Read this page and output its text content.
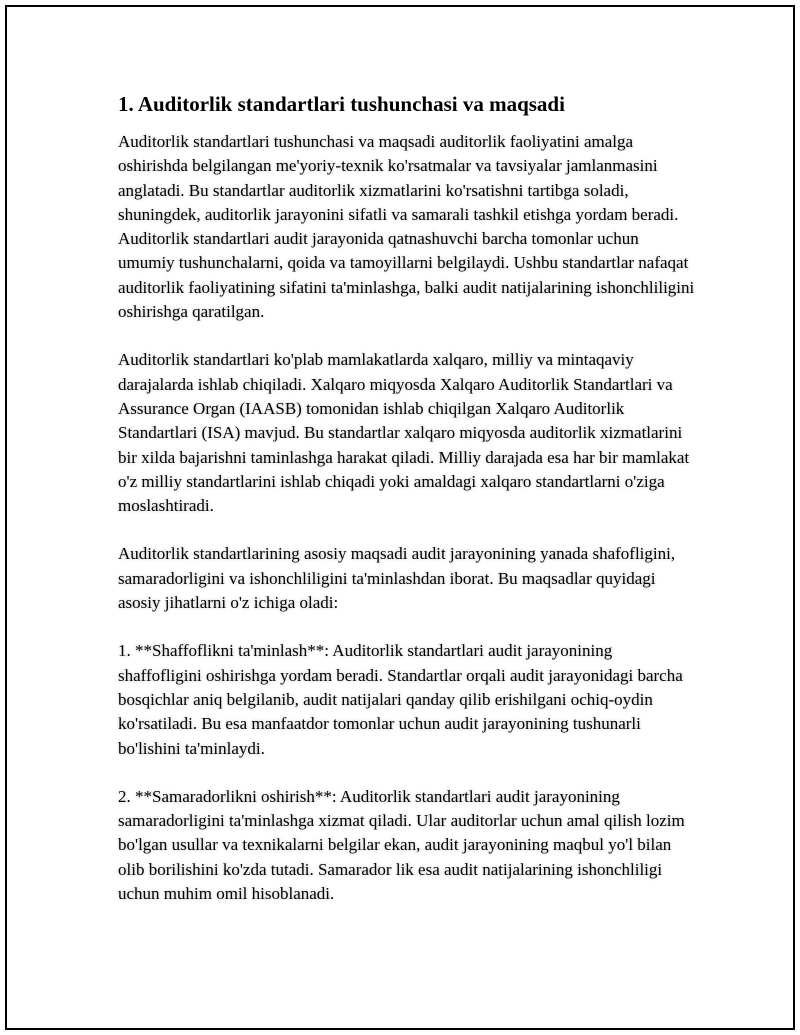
1. Auditorlik standartlari tushunchasi va maqsadi

Auditorlik standartlari tushunchasi va maqsadi auditorlik faoliyatini amalga oshirishda belgilangan me'yoriy-texnik ko'rsatmalar va tavsiyalar jamlanmasini anglatadi. Bu standartlar auditorlik xizmatlarini ko'rsatishni tartibga soladi, shuningdek, auditorlik jarayonini sifatli va samarali tashkil etishga yordam beradi. Auditorlik standartlari audit jarayonida qatnashuvchi barcha tomonlar uchun umumiy tushunchalarni, qoida va tamoyillarni belgilaydi. Ushbu standartlar nafaqat auditorlik faoliyatining sifatini ta'minlashga, balki audit natijalarining ishonchliligini oshirishga qaratilgan.

Auditorlik standartlari ko'plab mamlakatlarda xalqaro, milliy va mintaqaviy darajalarda ishlab chiqiladi. Xalqaro miqyosda Xalqaro Auditorlik Standartlari va Assurance Organ (IAASB) tomonidan ishlab chiqilgan Xalqaro Auditorlik Standartlari (ISA) mavjud. Bu standartlar xalqaro miqyosda auditorlik xizmatlarini bir xilda bajarishni taminlashga harakat qiladi. Milliy darajada esa har bir mamlakat o'z milliy standartlarini ishlab chiqadi yoki amaldagi xalqaro standartlarni o'ziga moslashtiradi.

Auditorlik standartlarining asosiy maqsadi audit jarayonining yanada shafofligini, samaradorligini va ishonchliligini ta'minlashdan iborat. Bu maqsadlar quyidagi asosiy jihatlarni o'z ichiga oladi:

1. **Shaffoflikni ta'minlash**: Auditorlik standartlari audit jarayonining shaffofligini oshirishga yordam beradi. Standartlar orqali audit jarayonidagi barcha bosqichlar aniq belgilanib, audit natijalari qanday qilib erishilgani ochiq-oydin ko'rsatiladi. Bu esa manfaatdor tomonlar uchun audit jarayonining tushunarli bo'lishini ta'minlaydi.

2. **Samaradorlikni oshirish**: Auditorlik standartlari audit jarayonining samaradorligini ta'minlashga xizmat qiladi. Ular auditorlar uchun amal qilish lozim bo'lgan usullar va texnikalarni belgilar ekan, audit jarayonining maqbul yo'l bilan olib borilishini ko'zda tutadi. Samarador lik esa audit natijalarining ishonchliligi uchun muhim omil hisoblanadi.
